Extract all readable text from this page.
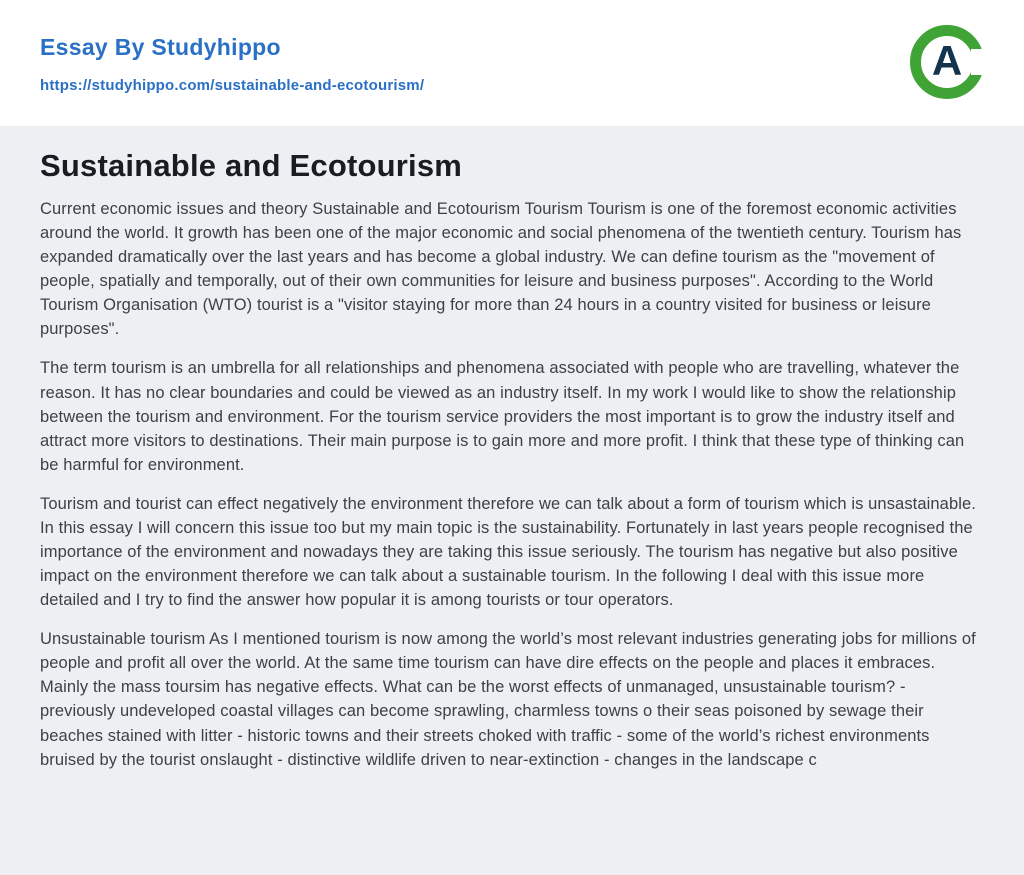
Essay By Studyhippo
https://studyhippo.com/sustainable-and-ecotourism/
A
Sustainable and Ecotourism

Current economic issues and theory Sustainable and Ecotourism Tourism Tourism is one of the foremost economic activities around the world. It growth has been one of the major economic and social phenomena of the twentieth century. Tourism has expanded dramatically over the last years and has become a global industry. We can define tourism as the "movement of people, spatially and temporally, out of their own communities for leisure and business purposes". According to the World Tourism Organisation (WTO) tourist is a "visitor staying for more than 24 hours in a country visited for business or leisure purposes".

The term tourism is an umbrella for all relationships and phenomena associated with people who are travelling, whatever the reason. It has no clear boundaries and could be viewed as an industry itself. In my work I would like to show the relationship between the tourism and environment. For the tourism service providers the most important is to grow the industry itself and attract more visitors to destinations. Their main purpose is to gain more and more profit. I think that these type of thinking can be harmful for environment.

Tourism and tourist can effect negatively the environment therefore we can talk about a form of tourism which is unsastainable. In this essay I will concern this issue too but my main topic is the sustainability. Fortunately in last years people recognised the importance of the environment and nowadays they are taking this issue seriously. The tourism has negative but also positive impact on the environment therefore we can talk about a sustainable tourism. In the following I deal with this issue more detailed and I try to find the answer how popular it is among tourists or tour operators.

Unsustainable tourism As I mentioned tourism is now among the world’s most relevant industries generating jobs for millions of people and profit all over the world. At the same time tourism can have dire effects on the people and places it embraces. Mainly the mass toursim has negative effects. What can be the worst effects of unmanaged, unsustainable tourism? - previously undeveloped coastal villages can become sprawling, charmless towns o their seas poisoned by sewage their beaches stained with litter - historic towns and their streets choked with traffic - some of the world’s richest environments bruised by the tourist onslaught - distinctive wildlife driven to near-extinction - changes in the landscape c
